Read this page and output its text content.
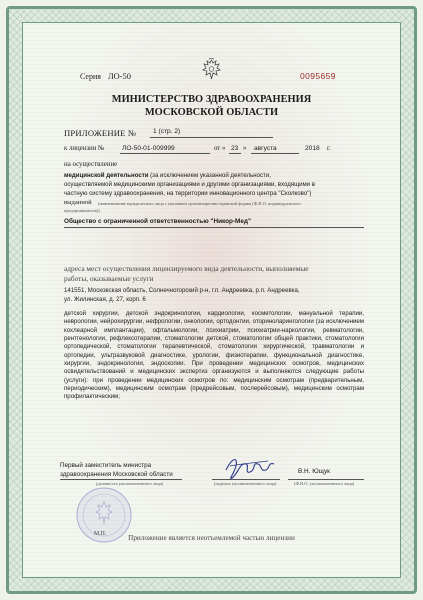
Серия ЛО-50	0095659
МИНИСТЕРСТВО ЗДРАВООХРАНЕНИЯ
МОСКОВСКОЙ ОБЛАСТИ
ПРИЛОЖЕНИЕ №	1 (стр. 2)
к лицензии №	ЛО-50-01-009999	от « 23 » августа	2018 г.
на осуществление
медицинской деятельности (за исключением указанной деятельности,
осуществляемой медицинскими организациями и другими организациями, входящими в
частную систему здравоохранения, на территории инновационного центра "Сколково")
выданной (наименование юридического лица с указанием организационно-правовой формы (Ф.И.О. индивидуального
предпринимателя))
Общество с ограниченной ответственностью "Никор-Мед"
адреса мест осуществления лицензируемого вида деятельности, выполняемые
работы, оказываемые услуги
141551, Московская область, Солнечногорский р-н, г.п. Андреевка, р.п. Андреевка,
ул. Жилинская, д. 27, корп. 6
детской хирургии, детской эндокринологии, кардиологии, косметологии, мануальной терапии, неврологии, нейрохирургии, нефрологии, онкологии, ортодонтии, оториноларингологии (за исключением кохлеарной имплантации), офтальмологии, психиатрии, психиатрии-наркологии, ревматологии, рентгенологии, рефлексотерапии, стоматологии детской, стоматологии общей практики, стоматологии ортопедической, стоматологии терапевтической, стоматологии хирургической, травматологии и ортопедии, ультразвуковой диагностике, урологии, физиотерапии, функциональной диагностике, хирургии, эндокринологии, эндоскопии. При проведении медицинских осмотров, медицинских освидетельствований и медицинских экспертиз организуются и выполняются следующие работы (услуги): при проведении медицинских осмотров по: медицинским осмотрам (предварительным, периодическим), медицинским осмотрам (предрейсовым, послерейсовым), медицинским осмотрам профилактическим;
М.П.
Первый заместитель министра
здравоохранения Московской области
(должность уполномоченного лица)	(подпись уполномоченного лица)
В.Н. Ющук
(Ф.И.О. уполномоченного лица)
Приложение является неотъемлемой частью лицензии
